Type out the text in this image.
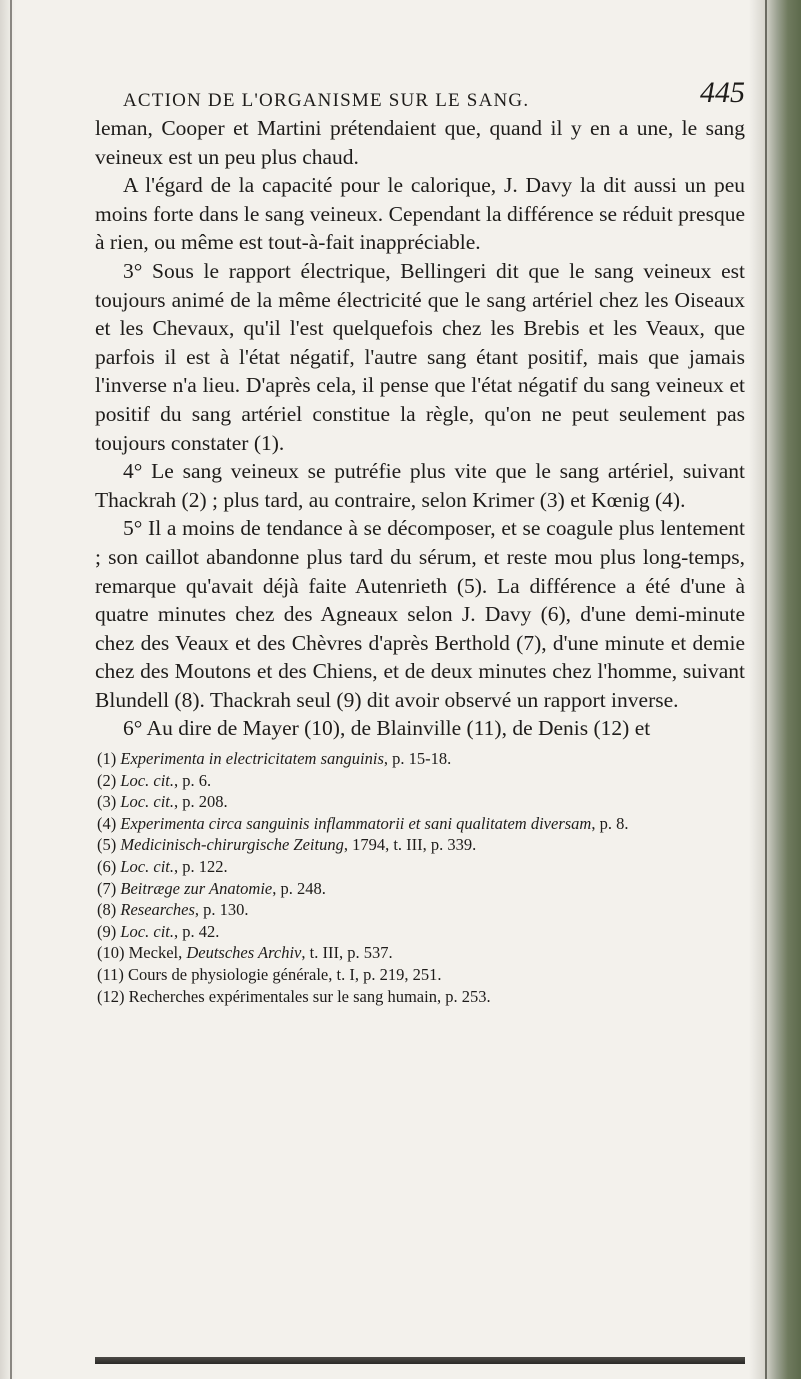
ACTION DE L'ORGANISME SUR LE SANG.	445

leman, Cooper et Martini prétendaient que, quand il y en a une, le sang veineux est un peu plus chaud.

A l'égard de la capacité pour le calorique, J. Davy la dit aussi un peu moins forte dans le sang veineux. Cependant la différence se réduit presque à rien, ou même est tout-à-fait inappréciable.

3° Sous le rapport électrique, Bellingeri dit que le sang veineux est toujours animé de la même électricité que le sang artériel chez les Oiseaux et les Chevaux, qu'il l'est quelquefois chez les Brebis et les Veaux, que parfois il est à l'état négatif, l'autre sang étant positif, mais que jamais l'inverse n'a lieu. D'après cela, il pense que l'état négatif du sang veineux et positif du sang artériel constitue la règle, qu'on ne peut seulement pas toujours constater (1).

4° Le sang veineux se putréfie plus vite que le sang artériel, suivant Thackrah (2) ; plus tard, au contraire, selon Krimer (3) et Kœnig (4).

5° Il a moins de tendance à se décomposer, et se coagule plus lentement ; son caillot abandonne plus tard du sérum, et reste mou plus long-temps, remarque qu'avait déjà faite Autenrieth (5). La différence a été d'une à quatre minutes chez des Agneaux selon J. Davy (6), d'une demi-minute chez des Veaux et des Chèvres d'après Berthold (7), d'une minute et demie chez des Moutons et des Chiens, et de deux minutes chez l'homme, suivant Blundell (8). Thackrah seul (9) dit avoir observé un rapport inverse.

6° Au dire de Mayer (10), de Blainville (11), de Denis (12) et

(1) Experimenta in electricitatem sanguinis, p. 15-18.
(2) Loc. cit., p. 6.
(3) Loc. cit., p. 208.
(4) Experimenta circa sanguinis inflammatorii et sani qualitatem diversam, p. 8.
(5) Medicinisch-chirurgische Zeitung, 1794, t. III, p. 339.
(6) Loc. cit., p. 122.
(7) Beitræge zur Anatomie, p. 248.
(8) Researches, p. 130.
(9) Loc. cit., p. 42.
(10) Meckel, Deutsches Archiv, t. III, p. 537.
(11) Cours de physiologie générale, t. I, p. 219, 251.
(12) Recherches expérimentales sur le sang humain, p. 253.
